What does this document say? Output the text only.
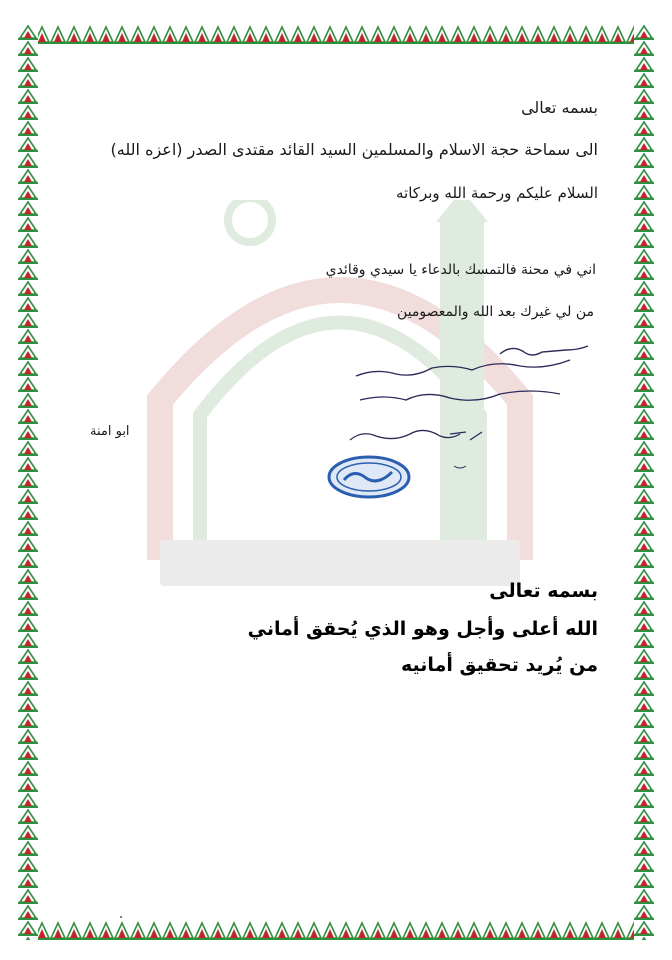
بسمه تعالى

الى سماحة حجة الاسلام والمسلمين السيد القائد مقتدى الصدر (اعزه الله)

السلام عليكم ورحمة الله وبركاته

اني في محنة فالتمسك بالدعاء يا سيدي وقائدي

من لي غيرك بعد الله والمعصومين

ابو امنة

بسمه تعالى

الله أعلى وأجل وهو الذي يُحقق أماني

من يُريد تحقيق أمانيه
